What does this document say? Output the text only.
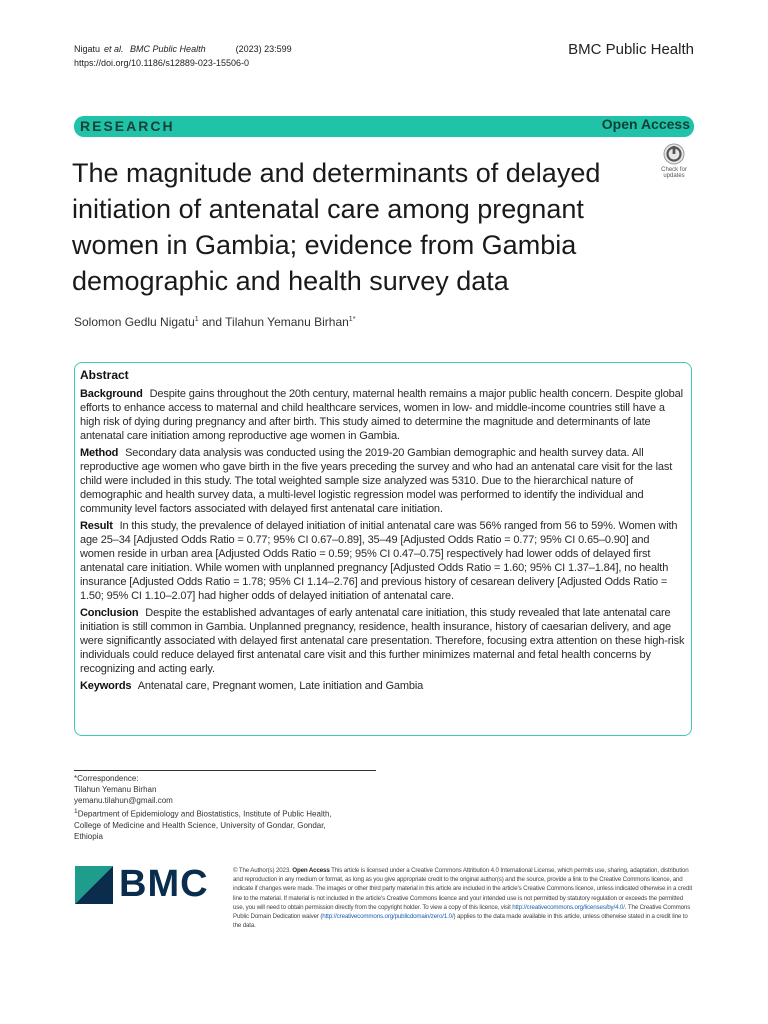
Nigatu et al. BMC Public Health	(2023) 23:599
https://doi.org/10.1186/s12889-023-15506-0
BMC Public Health
RESEARCH	Open Access
The magnitude and determinants of delayed initiation of antenatal care among pregnant women in Gambia; evidence from Gambia demographic and health survey data
Check for
updates
Solomon Gedlu Nigatu$^1$ and Tilahun Yemanu Birhan$^{1*}$
Abstract

Background Despite gains throughout the 20th century, maternal health remains a major public health concern. Despite global efforts to enhance access to maternal and child healthcare services, women in low- and middle-income countries still have a high risk of dying during pregnancy and after birth. This study aimed to determine the magnitude and determinants of late antenatal care initiation among reproductive age women in Gambia.

Method Secondary data analysis was conducted using the 2019-20 Gambian demographic and health survey data. All reproductive age women who gave birth in the five years preceding the survey and who had an antenatal care visit for the last child were included in this study. The total weighted sample size analyzed was 5310. Due to the hierarchical nature of demographic and health survey data, a multi-level logistic regression model was performed to identify the individual and community level factors associated with delayed first antenatal care initiation.

Result In this study, the prevalence of delayed initiation of initial antenatal care was 56% ranged from 56 to 59%. Women with age 25–34 [Adjusted Odds Ratio = 0.77; 95% CI 0.67–0.89], 35–49 [Adjusted Odds Ratio = 0.77; 95% CI 0.65–0.90] and women reside in urban area [Adjusted Odds Ratio = 0.59; 95% CI 0.47–0.75] respectively had lower odds of delayed first antenatal care initiation. While women with unplanned pregnancy [Adjusted Odds Ratio = 1.60; 95% CI 1.37–1.84], no health insurance [Adjusted Odds Ratio = 1.78; 95% CI 1.14–2.76] and previous history of cesarean delivery [Adjusted Odds Ratio = 1.50; 95% CI 1.10–2.07] had higher odds of delayed initiation of antenatal care.

Conclusion Despite the established advantages of early antenatal care initiation, this study revealed that late antenatal care initiation is still common in Gambia. Unplanned pregnancy, residence, health insurance, history of caesarian delivery, and age were significantly associated with delayed first antenatal care presentation. Therefore, focusing extra attention on these high-risk individuals could reduce delayed first antenatal care visit and this further minimizes maternal and fetal health concerns by recognizing and acting early.

Keywords Antenatal care, Pregnant women, Late initiation and Gambia

*Correspondence:
Tilahun Yemanu Birhan
yemanu.tilahun@gmail.com
$^1$Department of Epidemiology and Biostatistics, Institute of Public Health,
College of Medicine and Health Science, University of Gondar, Gondar,
Ethiopia
BMC	© The Author(s) 2023. Open Access This article is licensed under a Creative Commons Attribution 4.0 International License, which permits use, sharing, adaptation, distribution and reproduction in any medium or format, as long as you give appropriate credit to the original author(s) and the source, provide a link to the Creative Commons licence, and indicate if changes were made. The images or other third party material in this article are included in the article's Creative Commons licence, unless indicated otherwise in a credit line to the material. If material is not included in the article's Creative Commons licence and your intended use is not permitted by statutory regulation or exceeds the permitted use, you will need to obtain permission directly from the copyright holder. To view a copy of this licence, visit http://creativecommons.org/licenses/by/4.0/. The Creative Commons Public Domain Dedication waiver (http://creativecommons.org/publicdomain/zero/1.0/) applies to the data made available in this article, unless otherwise stated in a credit line to the data.
